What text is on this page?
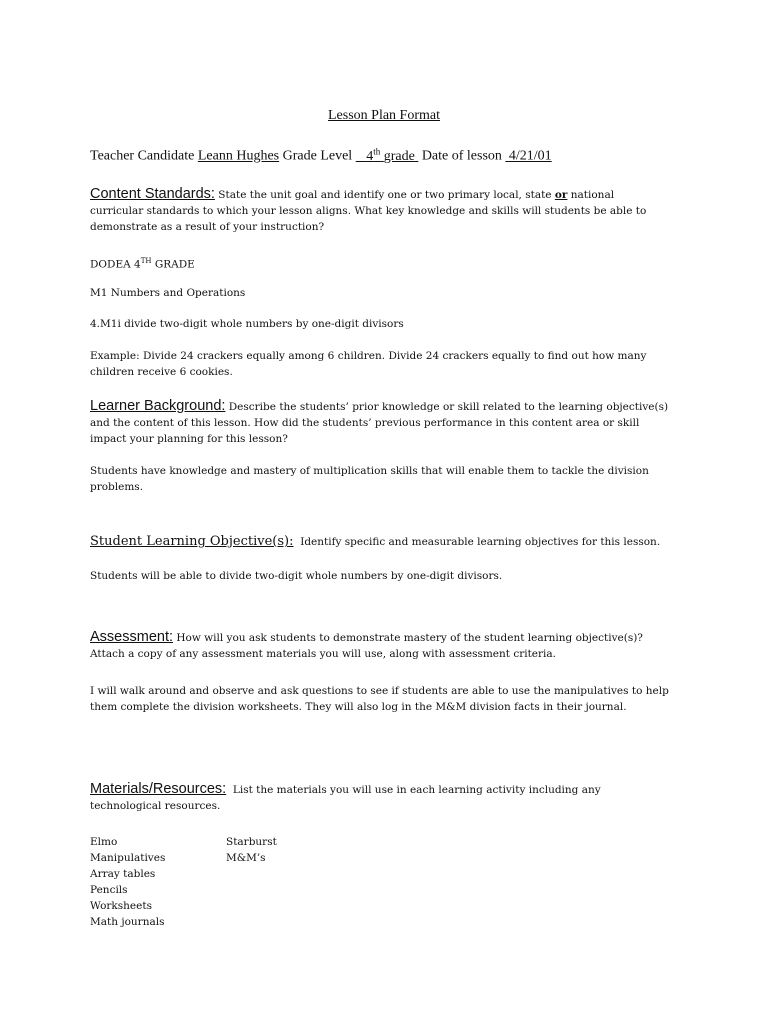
Lesson Plan Format
Teacher Candidate Leann Hughes Grade Level 4th grade Date of lesson 4/21/01

Content Standards: State the unit goal and identify one or two primary local, state or national curricular standards to which your lesson aligns. What key knowledge and skills will students be able to demonstrate as a result of your instruction?

DODEA 4TH GRADE
M1 Numbers and Operations
4.M1i divide two-digit whole numbers by one-digit divisors
Example: Divide 24 crackers equally among 6 children. Divide 24 crackers equally to find out how many children receive 6 cookies.

Learner Background: Describe the students’ prior knowledge or skill related to the learning objective(s) and the content of this lesson. How did the students’ previous performance in this content area or skill impact your planning for this lesson?

Students have knowledge and mastery of multiplication skills that will enable them to tackle the division problems.

Student Learning Objective(s): Identify specific and measurable learning objectives for this lesson.

Students will be able to divide two-digit whole numbers by one-digit divisors.

Assessment: How will you ask students to demonstrate mastery of the student learning objective(s)? Attach a copy of any assessment materials you will use, along with assessment criteria.

I will walk around and observe and ask questions to see if students are able to use the manipulatives to help them complete the division worksheets. They will also log in the M&M division facts in their journal.

Materials/Resources: List the materials you will use in each learning activity including any technological resources.

Elmo
Manipulatives
Array tables
Pencils
Worksheets
Math journals
Starburst
M&M’s
